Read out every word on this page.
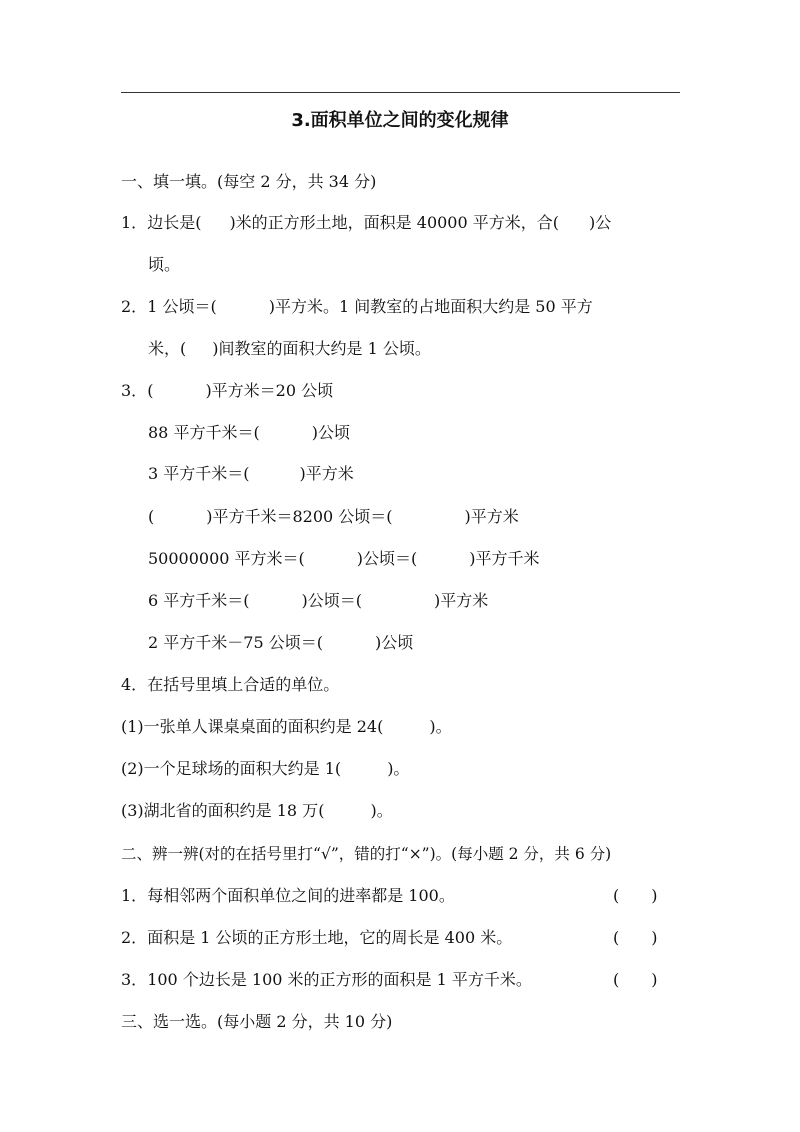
3.面积单位之间的变化规律
一、填一填。(每空 2 分，共 34 分)
1．边长是( )米的正方形土地，面积是 40000 平方米，合( )公
顷。
2．1 公顷＝(	)平方米。1 间教室的占地面积大约是 50 平方
米，( )间教室的面积大约是 1 公顷。
3．(	)平方米＝20 公顷
88 平方千米＝(	)公顷
3 平方千米＝(	)平方米
(	)平方千米＝8200 公顷＝(	)平方米
50000000 平方米＝(	)公顷＝(	)平方千米
6 平方千米＝(	)公顷＝(	)平方米
2 平方千米－75 公顷＝(	)公顷
4．在括号里填上合适的单位。
(1)一张单人课桌桌面的面积约是 24(	)。
(2)一个足球场的面积大约是 1(	)。
(3)湖北省的面积约是 18 万(	)。
二、辨一辨(对的在括号里打“√”，错的打“×”)。(每小题 2 分，共 6 分)
1．每相邻两个面积单位之间的进率都是 100。	(　　)
2．面积是 1 公顷的正方形土地，它的周长是 400 米。	(　　)
3．100 个边长是 100 米的正方形的面积是 1 平方千米。	(　　)
三、选一选。(每小题 2 分，共 10 分)
